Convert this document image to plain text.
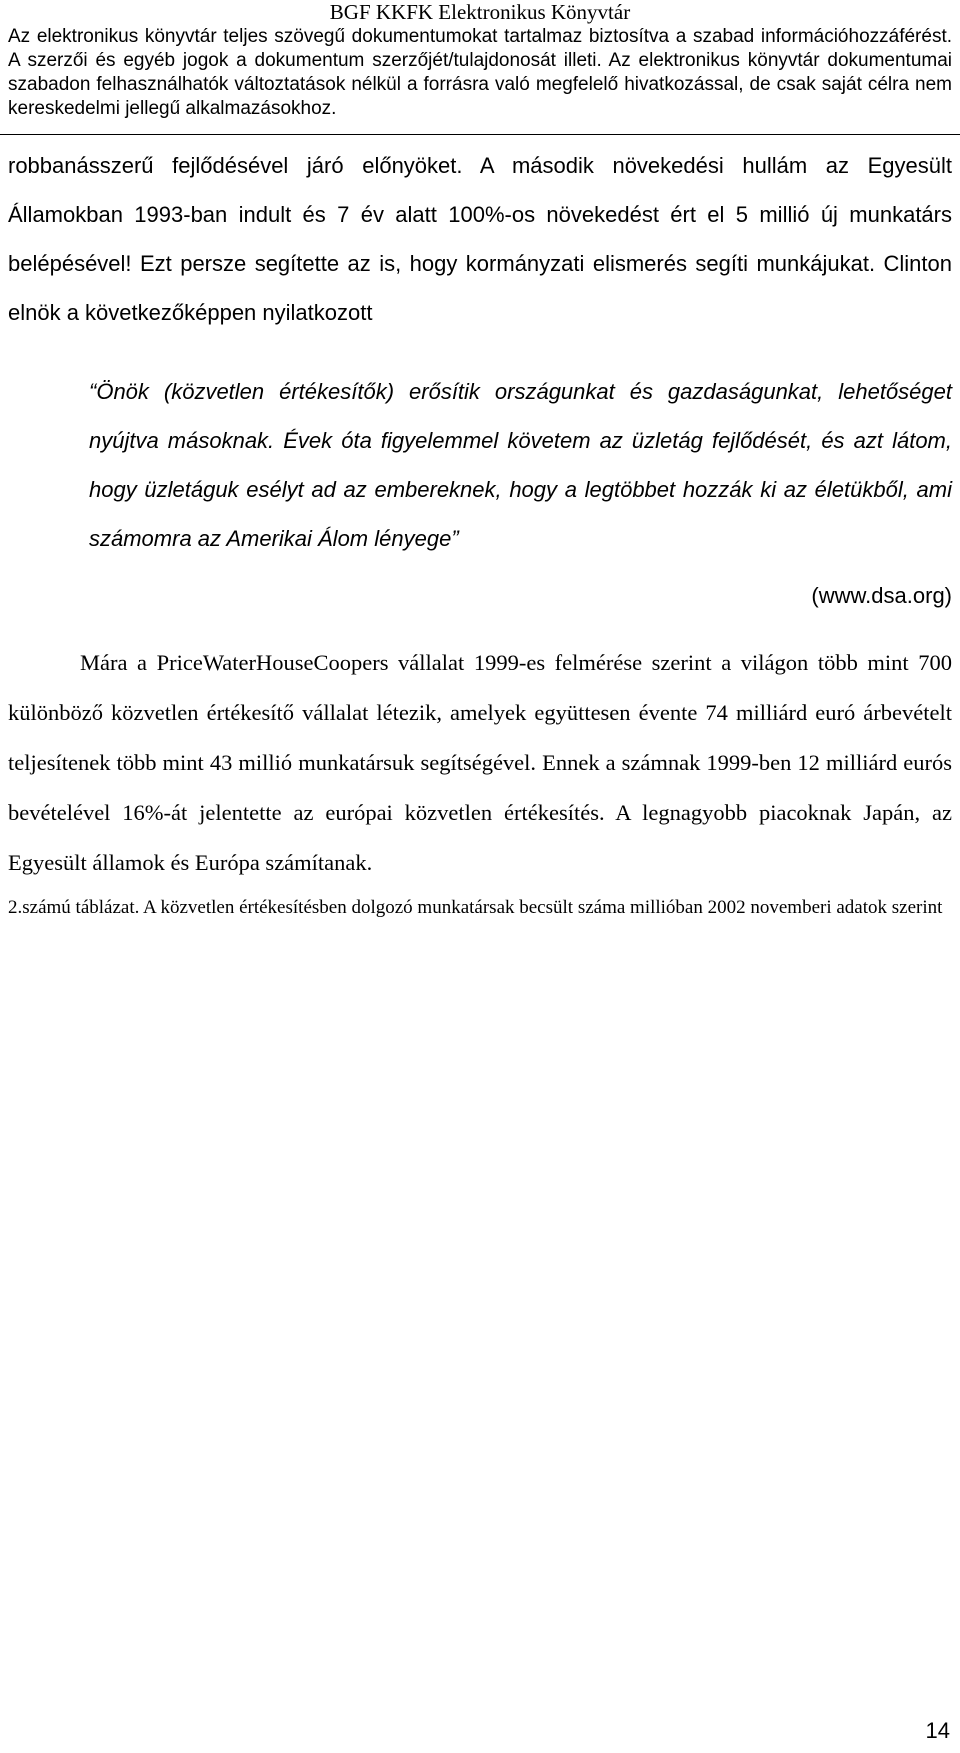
BGF KKFK Elektronikus Könyvtár

Az elektronikus könyvtár teljes szövegű dokumentumokat tartalmaz biztosítva a szabad információhozzáférést. A szerzői és egyéb jogok a dokumentum szerzőjét/tulajdonosát illeti. Az elektronikus könyvtár dokumentumai szabadon felhasználhatók változtatások nélkül a forrásra való megfelelő hivatkozással, de csak saját célra nem kereskedelmi jellegű alkalmazásokhoz.

robbanásszerű fejlődésével járó előnyöket. A második növekedési hullám az Egyesült Államokban 1993-ban indult és 7 év alatt 100%-os növekedést ért el 5 millió új munkatárs belépésével! Ezt persze segítette az is, hogy kormányzati elismerés segíti munkájukat. Clinton elnök a következőképpen nyilatkozott

“Önök (közvetlen értékesítők) erősítik országunkat és gazdaságunkat, lehetőséget nyújtva másoknak. Évek óta figyelemmel követem az üzletág fejlődését, és azt látom, hogy üzletáguk esélyt ad az embereknek, hogy a legtöbbet hozzák ki az életükből, ami számomra az Amerikai Álom lényege”

(www.dsa.org)

Mára a PriceWaterHouseCoopers vállalat 1999-es felmérése szerint a világon több mint 700 különböző közvetlen értékesítő vállalat létezik, amelyek együttesen évente 74 milliárd euró árbevételt teljesítenek több mint 43 millió munkatársuk segítségével. Ennek a számnak 1999-ben 12 milliárd eurós bevételével 16%-át jelentette az európai közvetlen értékesítés. A legnagyobb piacoknak Japán, az Egyesült államok és Európa számítanak.

2.számú táblázat. A közvetlen értékesítésben dolgozó munkatársak becsült száma millióban 2002 novemberi adatok szerint

14
